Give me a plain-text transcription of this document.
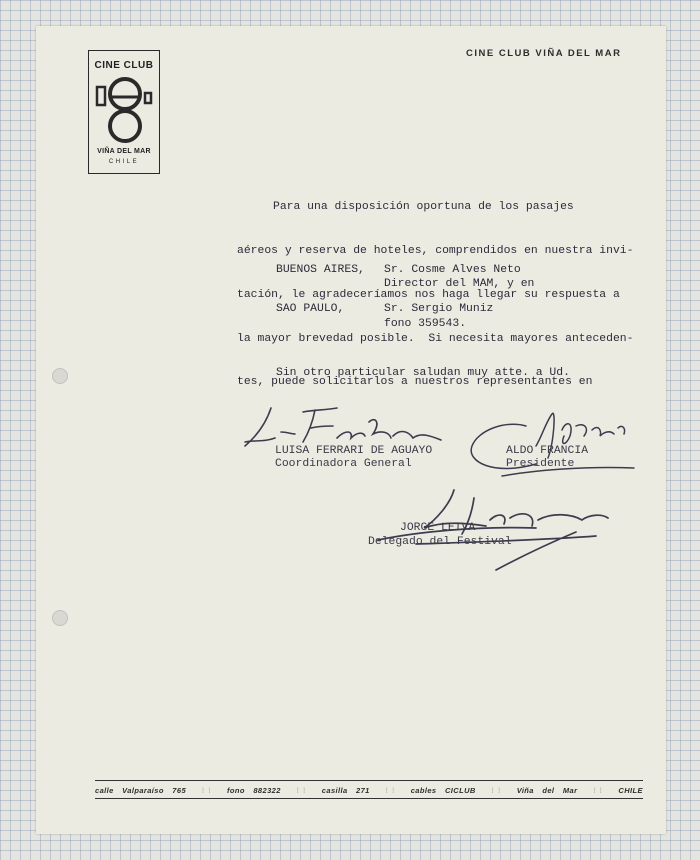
CINE CLUB
VIÑA DEL MAR
CHILE
CINE CLUB VIÑA DEL MAR

Para una disposición oportuna de los pasajes

aéreos y reserva de hoteles, comprendidos en nuestra invi-

tación, le agradeceríamos nos haga llegar su respuesta a

la mayor brevedad posible.  Si necesita mayores anteceden-

tes, puede solicitarlos a nuestros representantes en

BUENOS AIRES, Sr. Cosme Alves Neto
Director del MAM, y en
SAO PAULO,	Sr. Sergio Muniz
fono 359543.
Sin otro particular saludan muy atte. a Ud.
LUISA FERRARI DE AGUAYO
Coordinadora General
ALDO FRANCIA
Presidente
JORGE LEIVA
Delegado del Festival
calle Valparaíso 765 ⋮⋮ fono 882322 ⋮⋮ casilla 271 ⋮⋮ cables CICLUB ⋮⋮ Viña del Mar ⋮⋮ CHILE
